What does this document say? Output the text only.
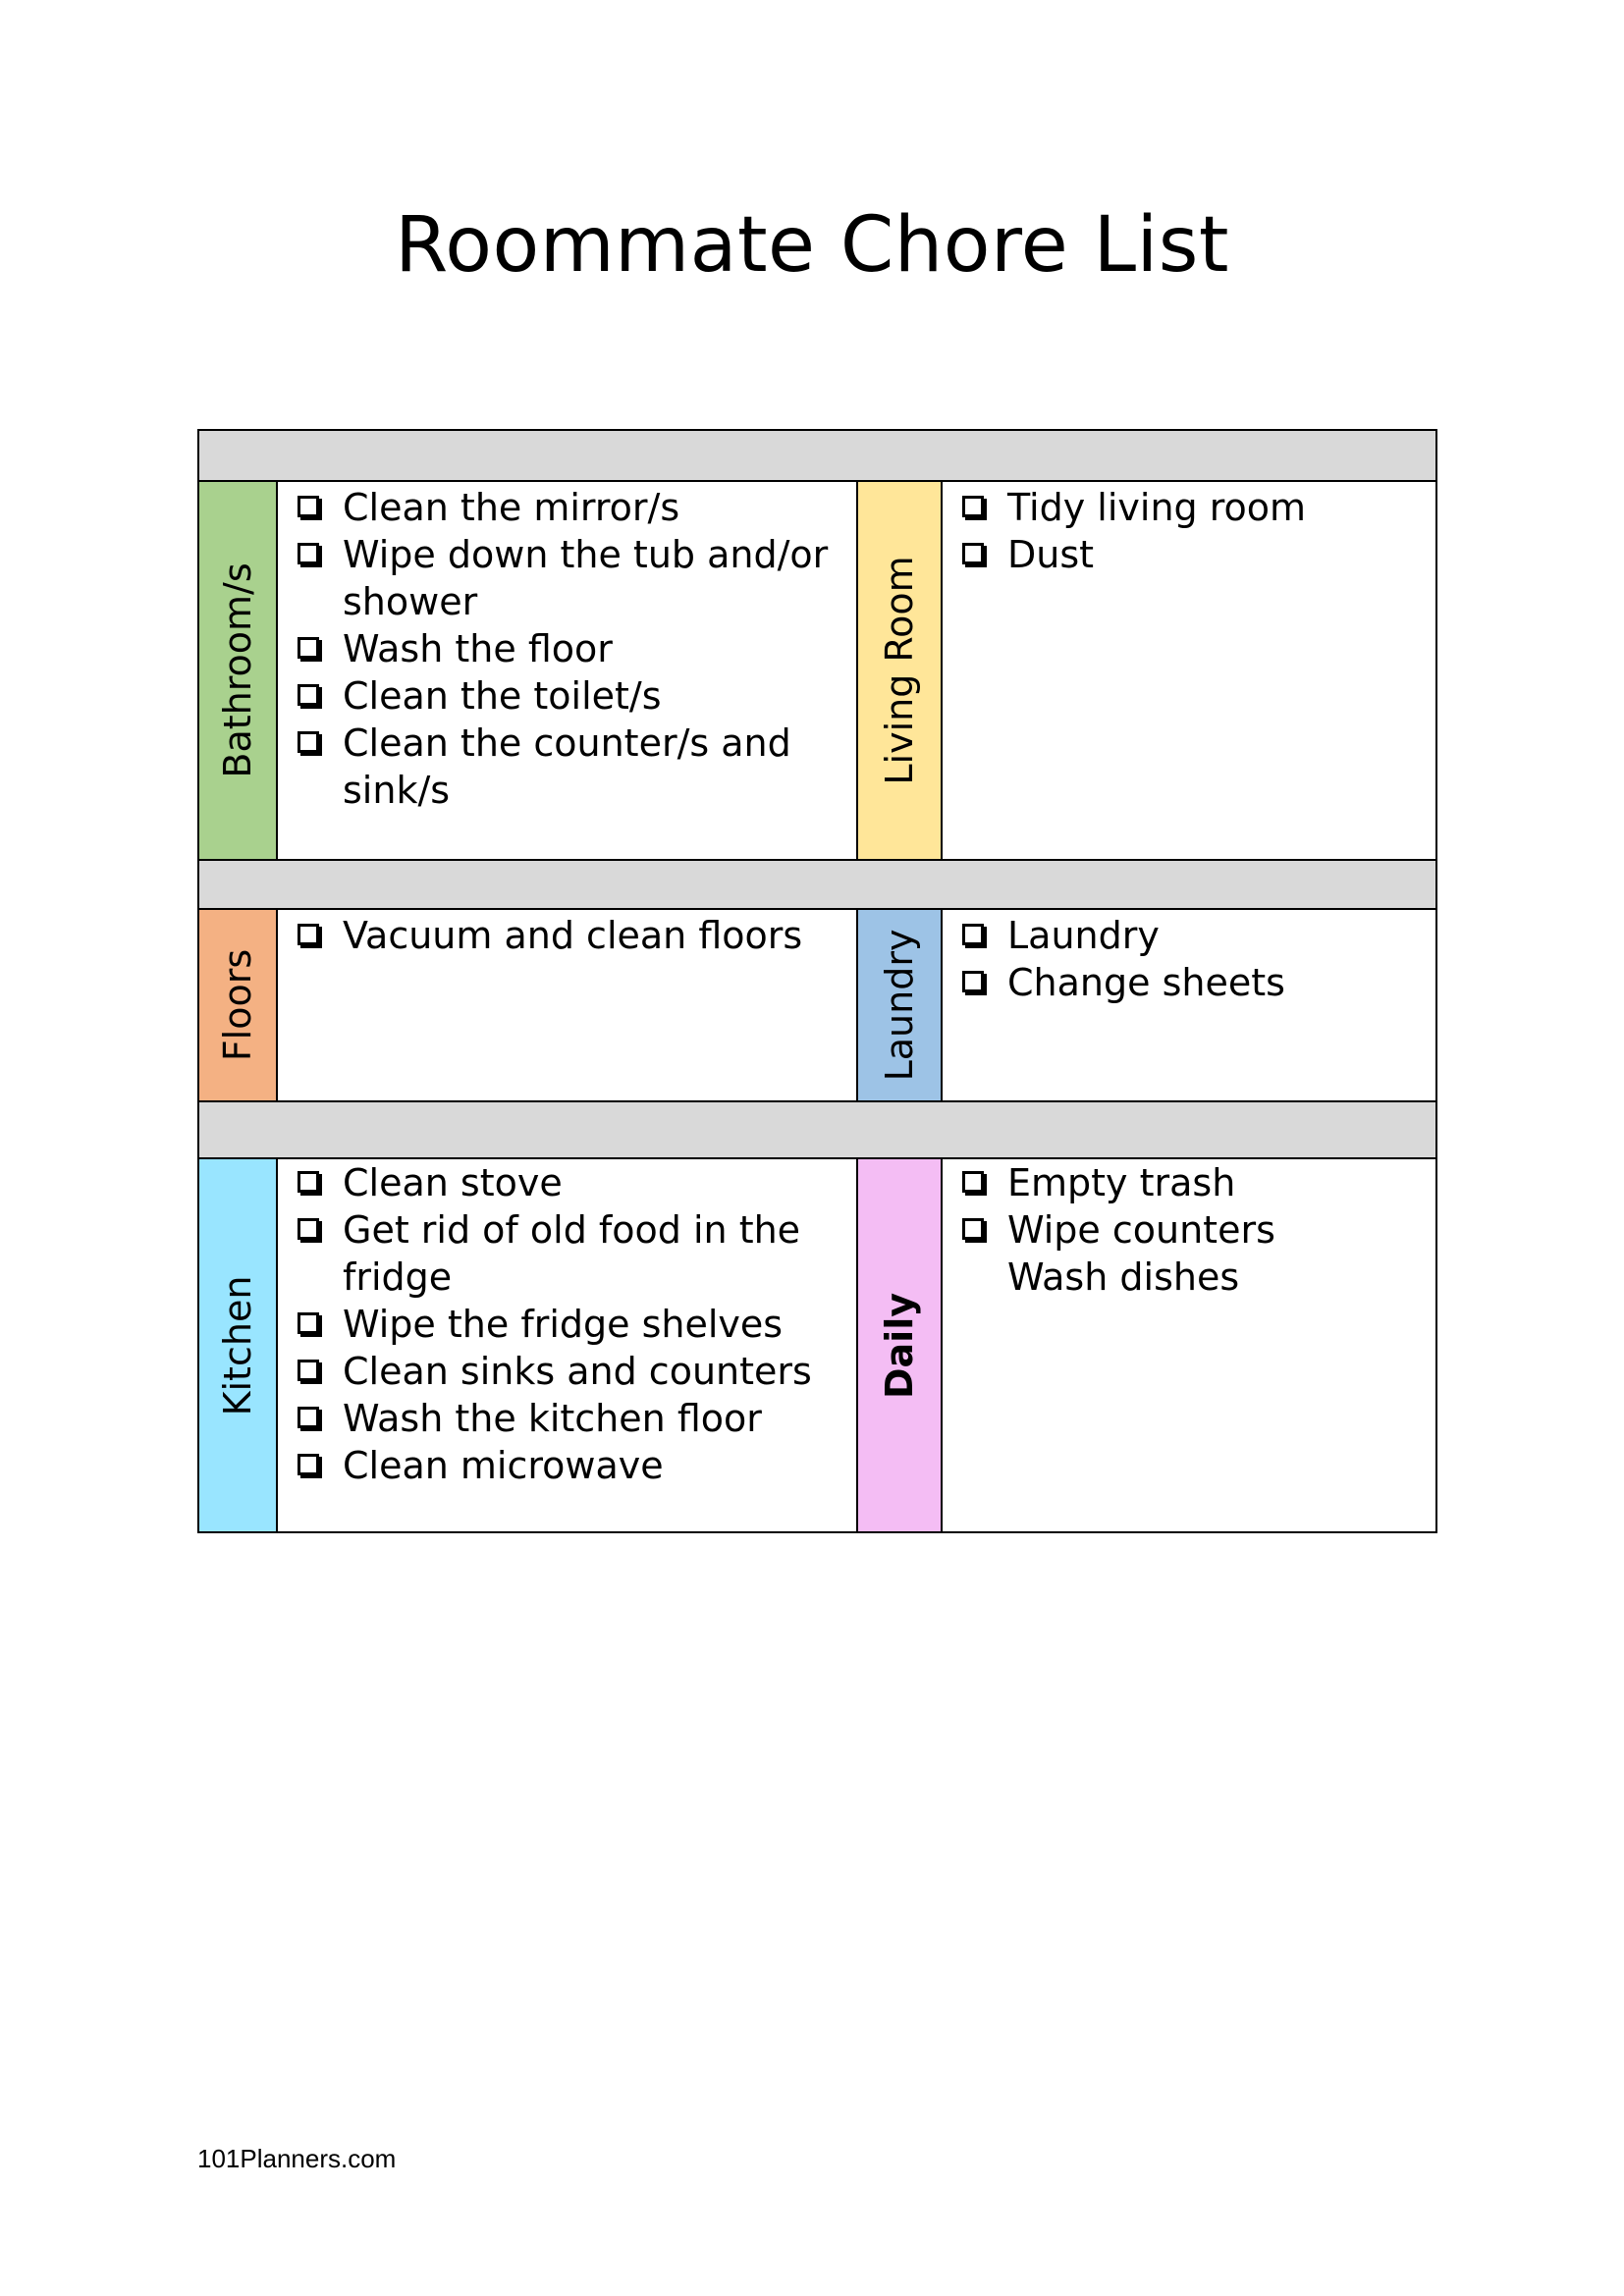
Roommate Chore List
Bathroom/s
Clean the mirror/s
Wipe down the tub and/or shower
Wash the floor
Clean the toilet/s
Clean the counter/s and sink/s
Living Room
Tidy living room
Dust
Floors
Vacuum and clean floors	Laundry	Laundry
Change sheets
Kitchen
Clean stove
Get rid of old food in the fridge
Wipe the fridge shelves
Clean sinks and counters
Wash the kitchen floor
Clean microwave
Daily
Empty trash
Wipe counters
Wash dishes
101Planners.com
